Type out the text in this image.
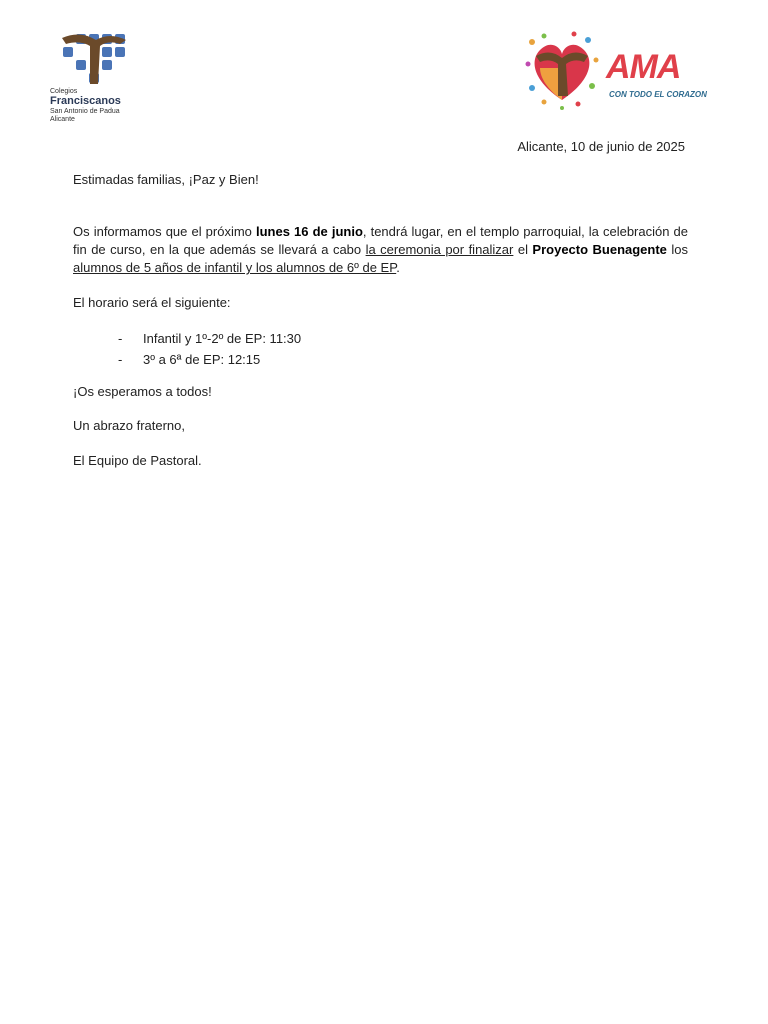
Colegios
Franciscanos
San Antonio de Padua
Alicante
AMA
CON TODO EL CORAZON
Alicante, 10 de junio de 2025
Estimadas familias, ¡Paz y Bien!
Os informamos que el próximo lunes 16 de junio, tendrá lugar, en el templo parroquial, la celebración de fin de curso, en la que además se llevará a cabo la ceremonia por finalizar el Proyecto Buenagente los alumnos de 5 años de infantil y los alumnos de 6º de EP.
El horario será el siguiente:
-	Infantil y 1º-2º de EP: 11:30
-	3º a 6ª de EP: 12:15
¡Os esperamos a todos!
Un abrazo fraterno,
El Equipo de Pastoral.
